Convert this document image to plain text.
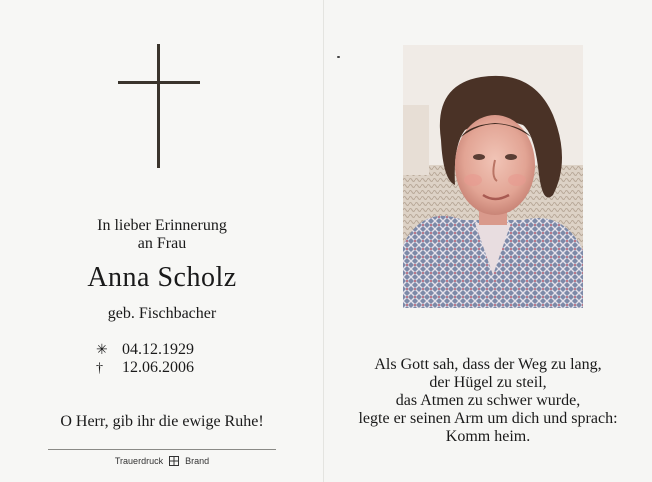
In lieber Erinnerung
an Frau
Anna Scholz
geb. Fischbacher
✳ 04.12.1929
† 12.06.2006
O Herr, gib ihr die ewige Ruhe!
Trauerdruck Brand
Als Gott sah, dass der Weg zu lang,
der Hügel zu steil,
das Atmen zu schwer wurde,
legte er seinen Arm um dich und sprach:
Komm heim.
